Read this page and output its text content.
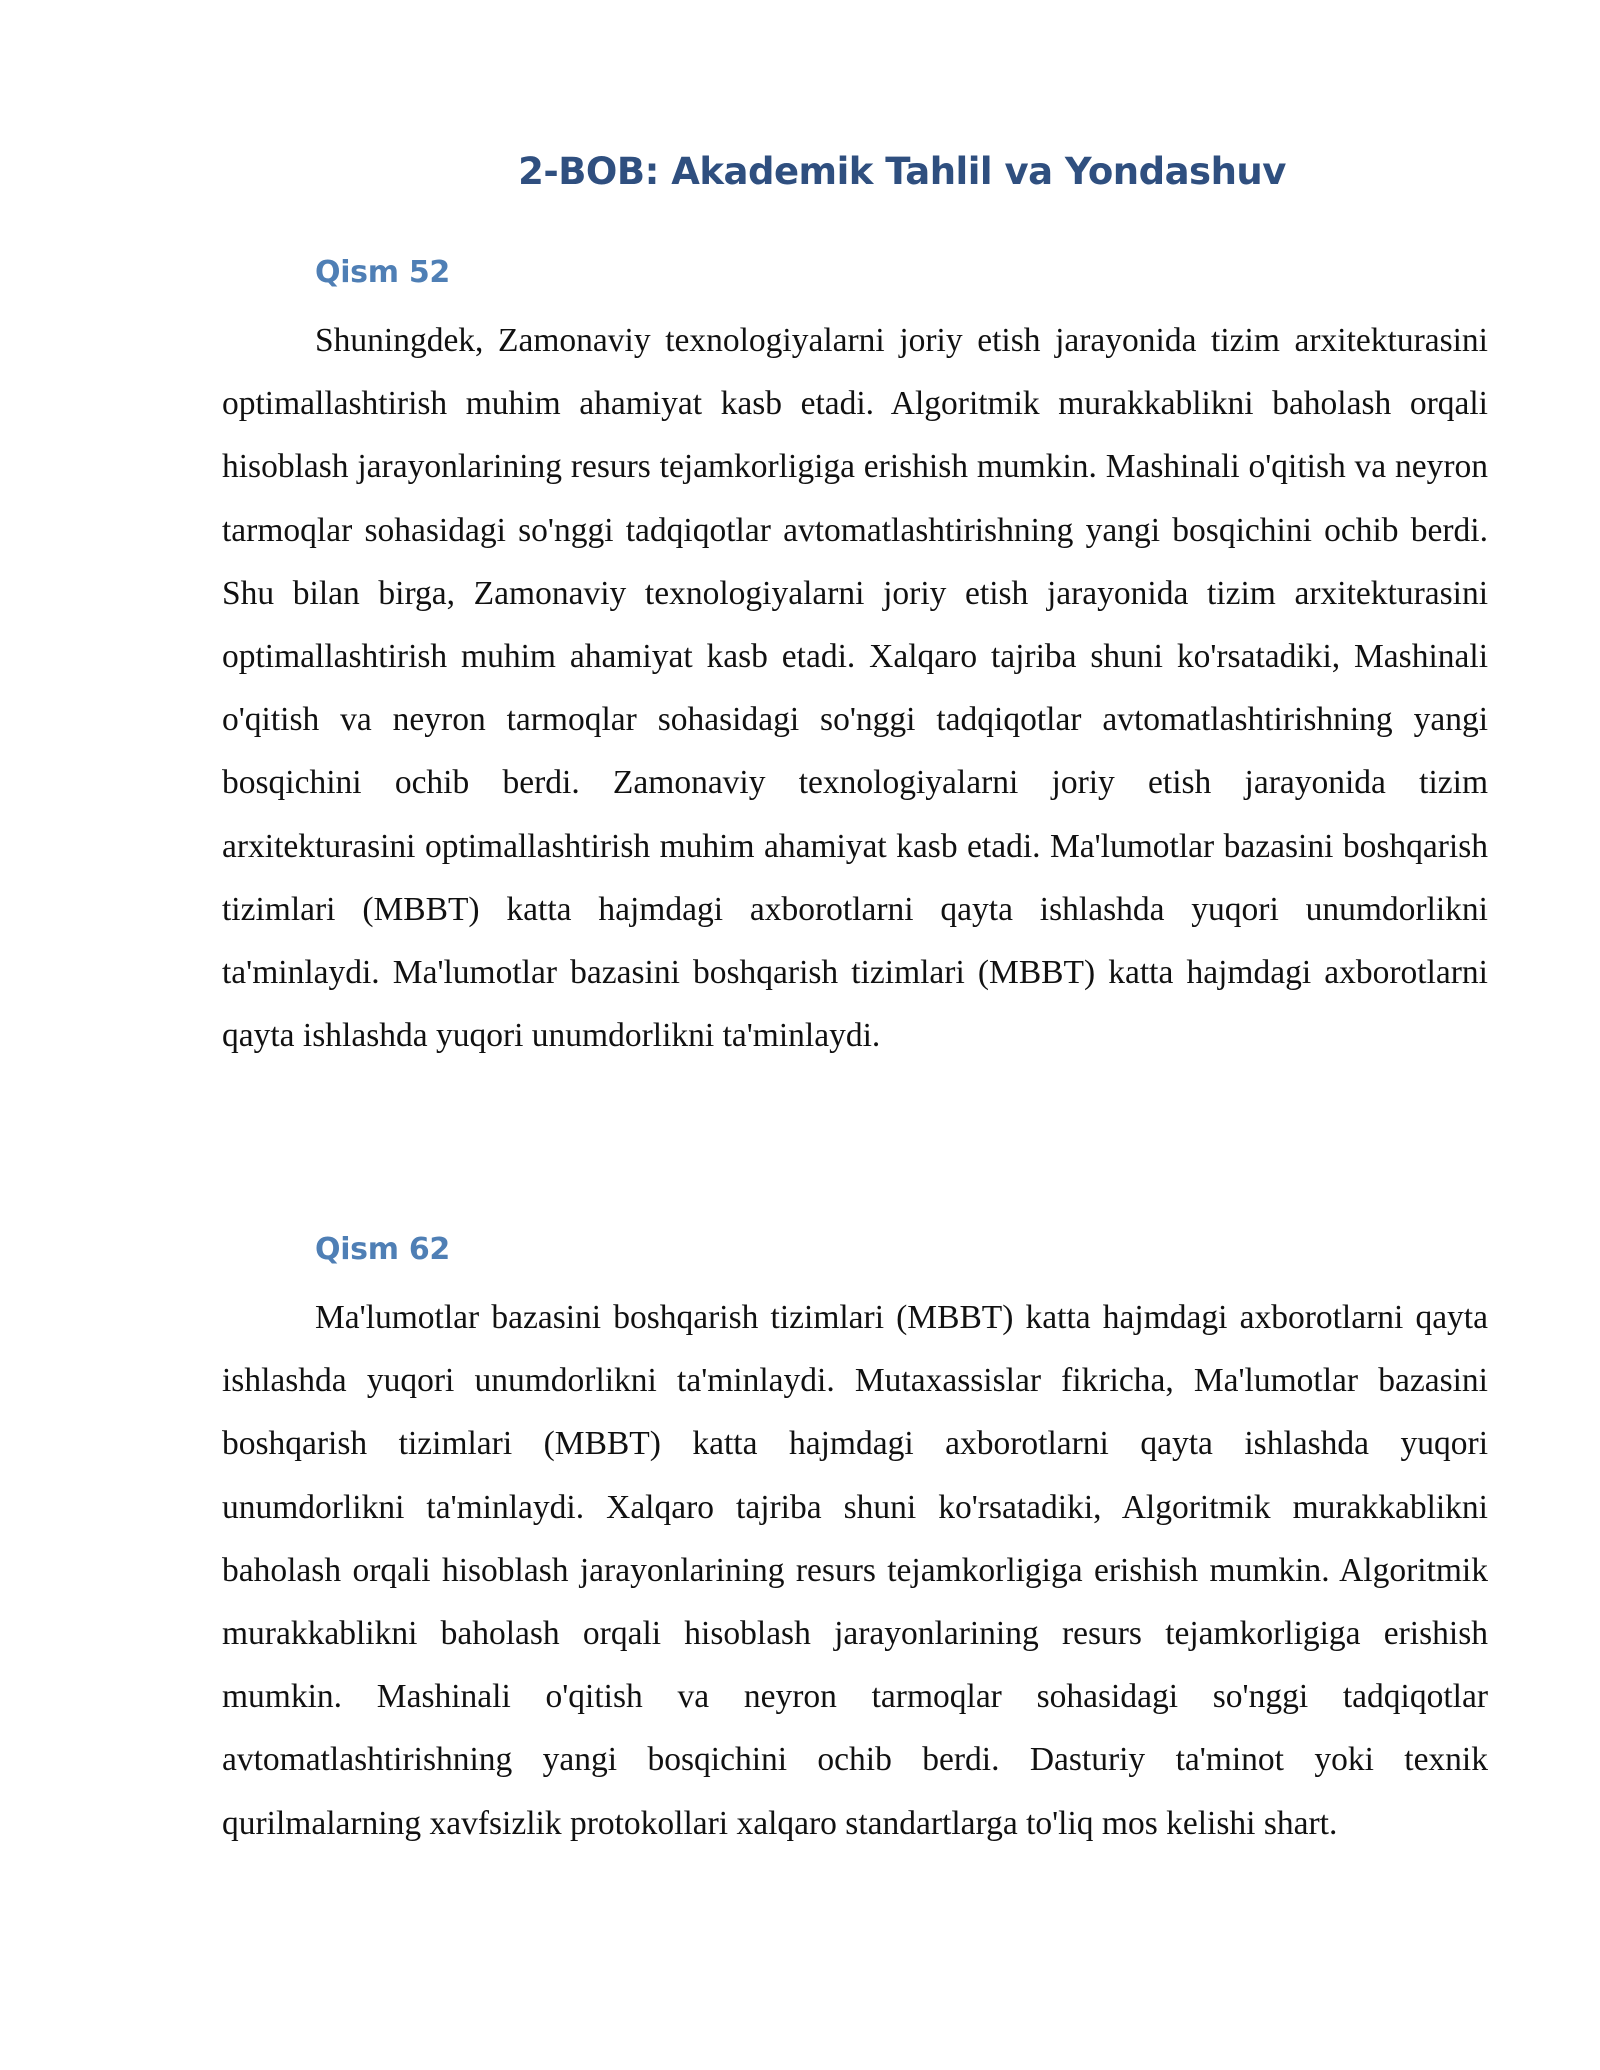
2-BOB: Akademik Tahlil va Yondashuv
Qism 52

Shuningdek, Zamonaviy texnologiyalarni joriy etish jarayonida tizim arxitekturasini optimallashtirish muhim ahamiyat kasb etadi. Algoritmik murakkablikni baholash orqali hisoblash jarayonlarining resurs tejamkorligiga erishish mumkin. Mashinali o'qitish va neyron tarmoqlar sohasidagi so'nggi tadqiqotlar avtomatlashtirishning yangi bosqichini ochib berdi. Shu bilan birga, Zamonaviy texnologiyalarni joriy etish jarayonida tizim arxitekturasini optimallashtirish muhim ahamiyat kasb etadi. Xalqaro tajriba shuni ko'rsatadiki, Mashinali o'qitish va neyron tarmoqlar sohasidagi so'nggi tadqiqotlar avtomatlashtirishning yangi bosqichini ochib berdi. Zamonaviy texnologiyalarni joriy etish jarayonida tizim arxitekturasini optimallashtirish muhim ahamiyat kasb etadi. Ma'lumotlar bazasini boshqarish tizimlari (MBBT) katta hajmdagi axborotlarni qayta ishlashda yuqori unumdorlikni ta'minlaydi. Ma'lumotlar bazasini boshqarish tizimlari (MBBT) katta hajmdagi axborotlarni qayta ishlashda yuqori unumdorlikni ta'minlaydi.

Qism 62

Ma'lumotlar bazasini boshqarish tizimlari (MBBT) katta hajmdagi axborotlarni qayta ishlashda yuqori unumdorlikni ta'minlaydi. Mutaxassislar fikricha, Ma'lumotlar bazasini boshqarish tizimlari (MBBT) katta hajmdagi axborotlarni qayta ishlashda yuqori unumdorlikni ta'minlaydi. Xalqaro tajriba shuni ko'rsatadiki, Algoritmik murakkablikni baholash orqali hisoblash jarayonlarining resurs tejamkorligiga erishish mumkin. Algoritmik murakkablikni baholash orqali hisoblash jarayonlarining resurs tejamkorligiga erishish mumkin. Mashinali o'qitish va neyron tarmoqlar sohasidagi so'nggi tadqiqotlar avtomatlashtirishning yangi bosqichini ochib berdi. Dasturiy ta'minot yoki texnik qurilmalarning xavfsizlik protokollari xalqaro standartlarga to'liq mos kelishi shart.
